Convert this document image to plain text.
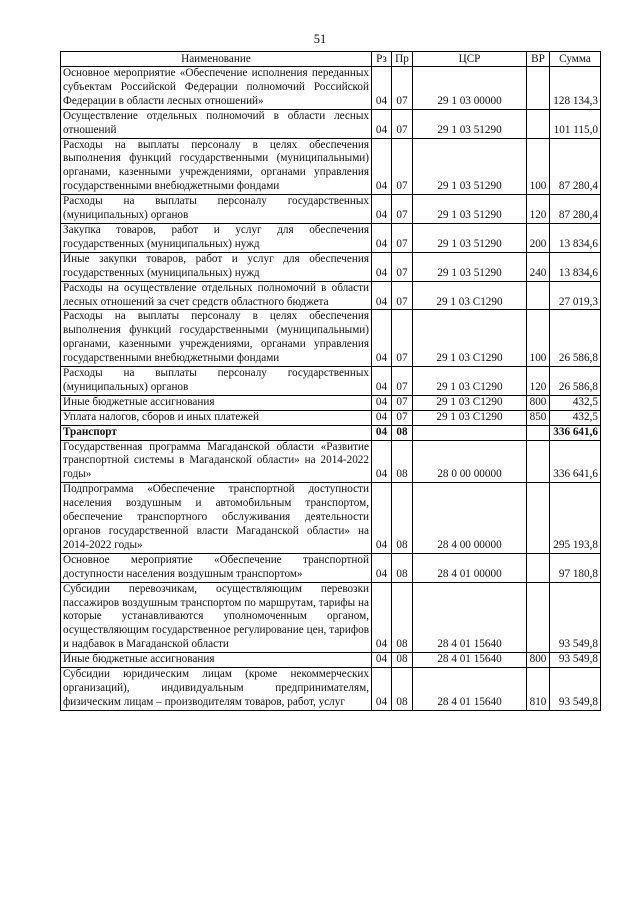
51
Наименование	Рз	Пр	ЦСР	ВР	Сумма
Основное мероприятие «Обеспечение исполнения переданных субъектам Российской Федерации полномочий Российской Федерации в области лесных отношений»	04	07	29 1 03 00000		128 134,3
Осуществление отдельных полномочий в области лесных отношений	04	07	29 1 03 51290		101 115,0
Расходы на выплаты персоналу в целях обеспечения выполнения функций государственными (муниципальными) органами, казенными учреждениями, органами управления государственными внебюджетными фондами	04	07	29 1 03 51290	100	87 280,4
Расходы на выплаты персоналу государственных (муниципальных) органов	04	07	29 1 03 51290	120	87 280,4
Закупка товаров, работ и услуг для обеспечения государственных (муниципальных) нужд	04	07	29 1 03 51290	200	13 834,6
Иные закупки товаров, работ и услуг для обеспечения государственных (муниципальных) нужд	04	07	29 1 03 51290	240	13 834,6
Расходы на осуществление отдельных полномочий в области лесных отношений за счет средств областного бюджета	04	07	29 1 03 С1290		27 019,3
Расходы на выплаты персоналу в целях обеспечения выполнения функций государственными (муниципальными) органами, казенными учреждениями, органами управления государственными внебюджетными фондами	04	07	29 1 03 С1290	100	26 586,8
Расходы на выплаты персоналу государственных (муниципальных) органов	04	07	29 1 03 С1290	120	26 586,8
Иные бюджетные ассигнования	04	07	29 1 03 С1290	800	432,5
Уплата налогов, сборов и иных платежей	04	07	29 1 03 С1290	850	432,5
Транспорт	04	08			336 641,6
Государственная программа Магаданской области «Развитие транспортной системы в Магаданской области» на 2014-2022 годы»	04	08	28 0 00 00000		336 641,6
Подпрограмма «Обеспечение транспортной доступности населения воздушным и автомобильным транспортом, обеспечение транспортного обслуживания деятельности органов государственной власти Магаданской области» на 2014-2022 годы»	04	08	28 4 00 00000		295 193,8
Основное мероприятие «Обеспечение транспортной доступности населения воздушным транспортом»	04	08	28 4 01 00000		97 180,8
Субсидии перевозчикам, осуществляющим перевозки пассажиров воздушным транспортом по маршрутам, тарифы на которые устанавливаются уполномоченным органом, осуществляющим государственное регулирование цен, тарифов и надбавок в Магаданской области	04	08	28 4 01 15640		93 549,8
Иные бюджетные ассигнования	04	08	28 4 01 15640	800	93 549,8
Субсидии юридическим лицам (кроме некоммерческих организаций), индивидуальным предпринимателям, физическим лицам – производителям товаров, работ, услуг	04	08	28 4 01 15640	810	93 549,8
